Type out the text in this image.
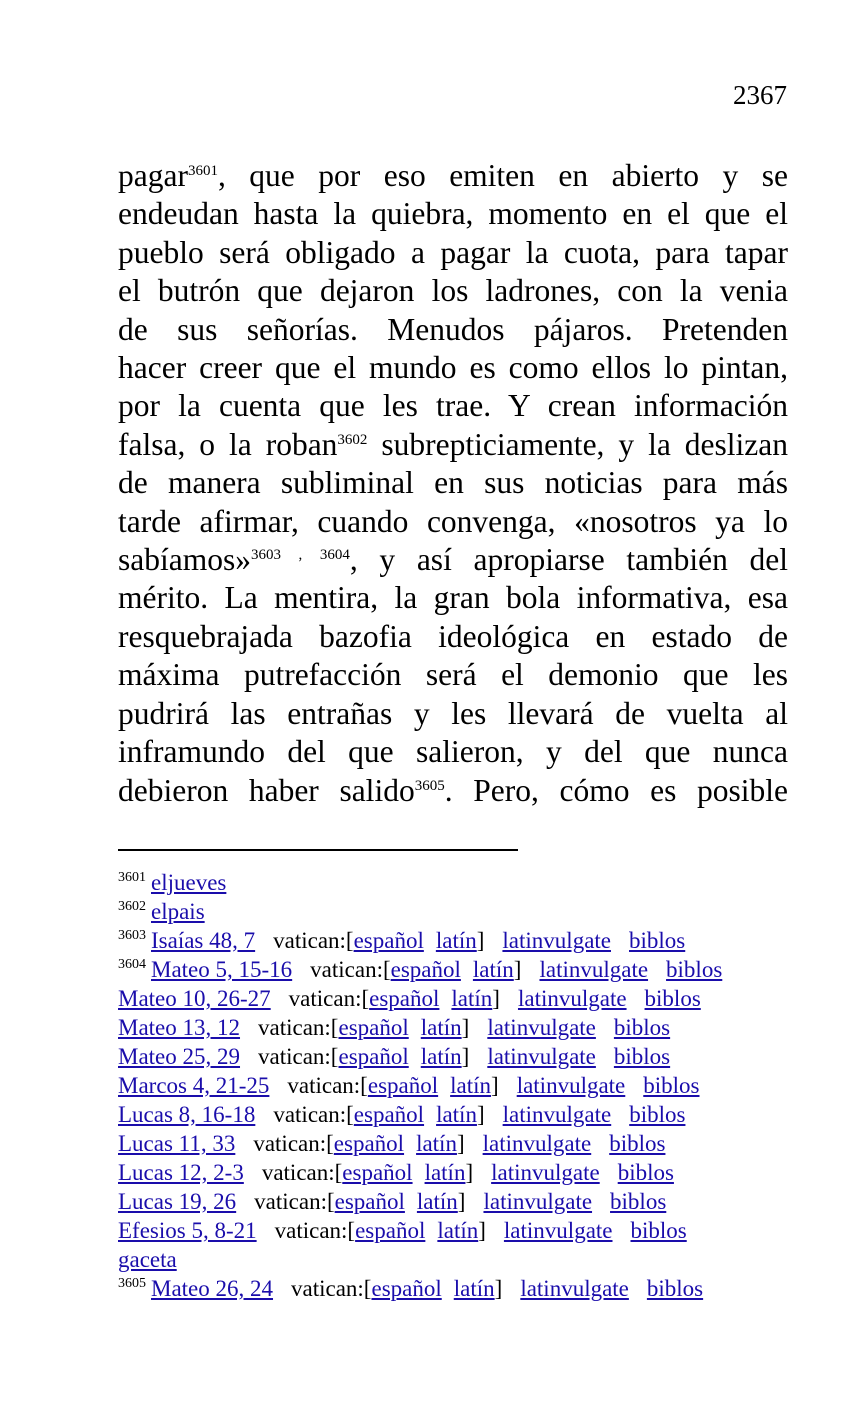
2367
pagar$^{3601}$, que por eso emiten en abierto y se
endeudan hasta la quiebra, momento en el que el
pueblo será obligado a pagar la cuota, para tapar
el butrón que dejaron los ladrones, con la venia
de sus señorías. Menudos pájaros. Pretenden
hacer creer que el mundo es como ellos lo pintan,
por la cuenta que les trae. Y crean información
falsa, o la roban$^{3602}$ subrepticiamente, y la deslizan
de manera subliminal en sus noticias para más
tarde afirmar, cuando convenga, «nosotros ya lo
sabíamos»$^{3603 , 3604}$, y así apropiarse también del
mérito. La mentira, la gran bola informativa, esa
resquebrajada bazofia ideológica en estado de
máxima putrefacción será el demonio que les
pudrirá las entrañas y les llevará de vuelta al
inframundo del que salieron, y del que nunca
debieron haber salido$^{3605}$. Pero, cómo es posible
$^{3601}$ eljueves
$^{3602}$ elpais
$^{3603}$ Isaías 48, 7 vatican:[español latín] latinvulgate biblos
$^{3604}$ Mateo 5, 15-16 vatican:[español latín] latinvulgate biblos
Mateo 10, 26-27 vatican:[español latín] latinvulgate biblos
Mateo 13, 12 vatican:[español latín] latinvulgate biblos
Mateo 25, 29 vatican:[español latín] latinvulgate biblos
Marcos 4, 21-25 vatican:[español latín] latinvulgate biblos
Lucas 8, 16-18 vatican:[español latín] latinvulgate biblos
Lucas 11, 33 vatican:[español latín] latinvulgate biblos
Lucas 12, 2-3 vatican:[español latín] latinvulgate biblos
Lucas 19, 26 vatican:[español latín] latinvulgate biblos
Efesios 5, 8-21 vatican:[español latín] latinvulgate biblos
gaceta
$^{3605}$ Mateo 26, 24 vatican:[español latín] latinvulgate biblos
